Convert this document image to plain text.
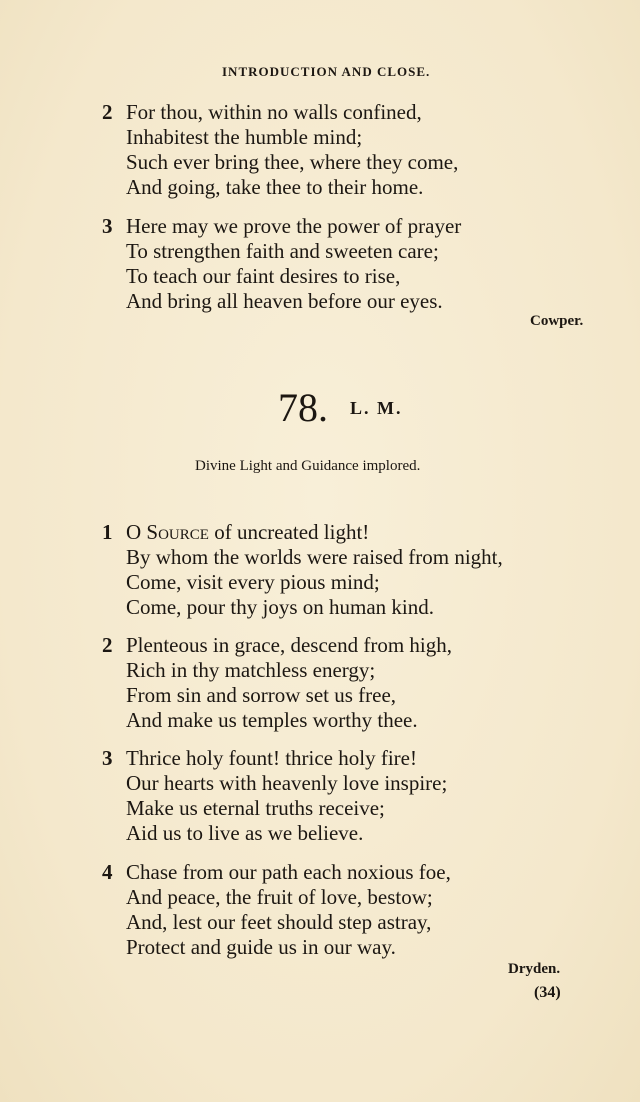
INTRODUCTION AND CLOSE.
2 For thou, within no walls confined,
Inhabitest the humble mind;
Such ever bring thee, where they come,
And going, take thee to their home.
3 Here may we prove the power of prayer
To strengthen faith and sweeten care;
To teach our faint desires to rise,
And bring all heaven before our eyes.
Cowper.
78. L. M.
Divine Light and Guidance implored.
1 O Source of uncreated light!
By whom the worlds were raised from night,
Come, visit every pious mind;
Come, pour thy joys on human kind.
2 Plenteous in grace, descend from high,
Rich in thy matchless energy;
From sin and sorrow set us free,
And make us temples worthy thee.
3 Thrice holy fount! thrice holy fire!
Our hearts with heavenly love inspire;
Make us eternal truths receive;
Aid us to live as we believe.
4 Chase from our path each noxious foe,
And peace, the fruit of love, bestow;
And, lest our feet should step astray,
Protect and guide us in our way.
Dryden.
(34)
